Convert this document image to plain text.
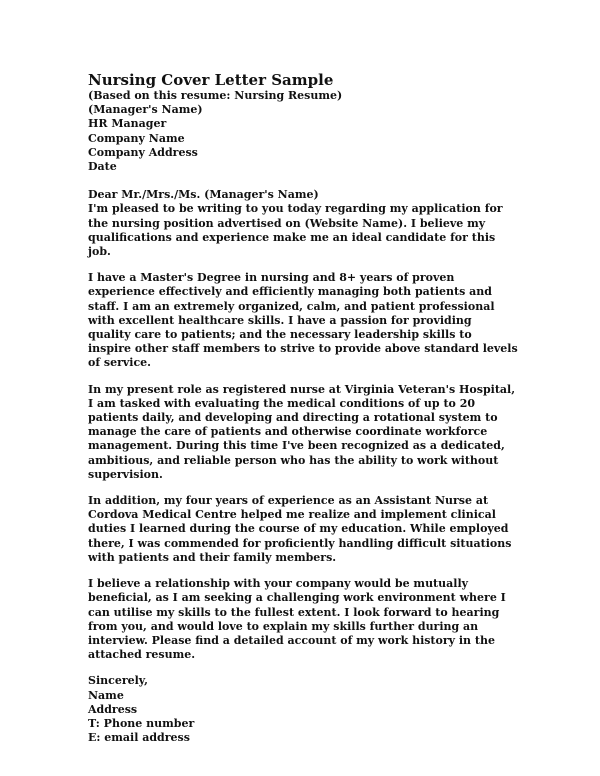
Nursing Cover Letter Sample

(Based on this resume: Nursing Resume)

(Manager's Name)

HR Manager

Company Name

Company Address

Date

Dear Mr./Mrs./Ms. (Manager's Name)

I'm pleased to be writing to you today regarding my application for the nursing position advertised on (Website Name). I believe my qualifications and experience make me an ideal candidate for this job.

I have a Master's Degree in nursing and 8+ years of proven experience effectively and efficiently managing both patients and staff. I am an extremely organized, calm, and patient professional with excellent healthcare skills. I have a passion for providing quality care to patients; and the necessary leadership skills to inspire other staff members to strive to provide above standard levels of service.

In my present role as registered nurse at Virginia Veteran's Hospital, I am tasked with evaluating the medical conditions of up to 20 patients daily, and developing and directing a rotational system to manage the care of patients and otherwise coordinate workforce management. During this time I've been recognized as a dedicated, ambitious, and reliable person who has the ability to work without supervision.

In addition, my four years of experience as an Assistant Nurse at Cordova Medical Centre helped me realize and implement clinical duties I learned during the course of my education. While employed there, I was commended for proficiently handling difficult situations with patients and their family members.

I believe a relationship with your company would be mutually beneficial, as I am seeking a challenging work environment where I can utilise my skills to the fullest extent. I look forward to hearing from you, and would love to explain my skills further during an interview. Please find a detailed account of my work history in the attached resume.

Sincerely,

Name

Address

T: Phone number

E: email address
